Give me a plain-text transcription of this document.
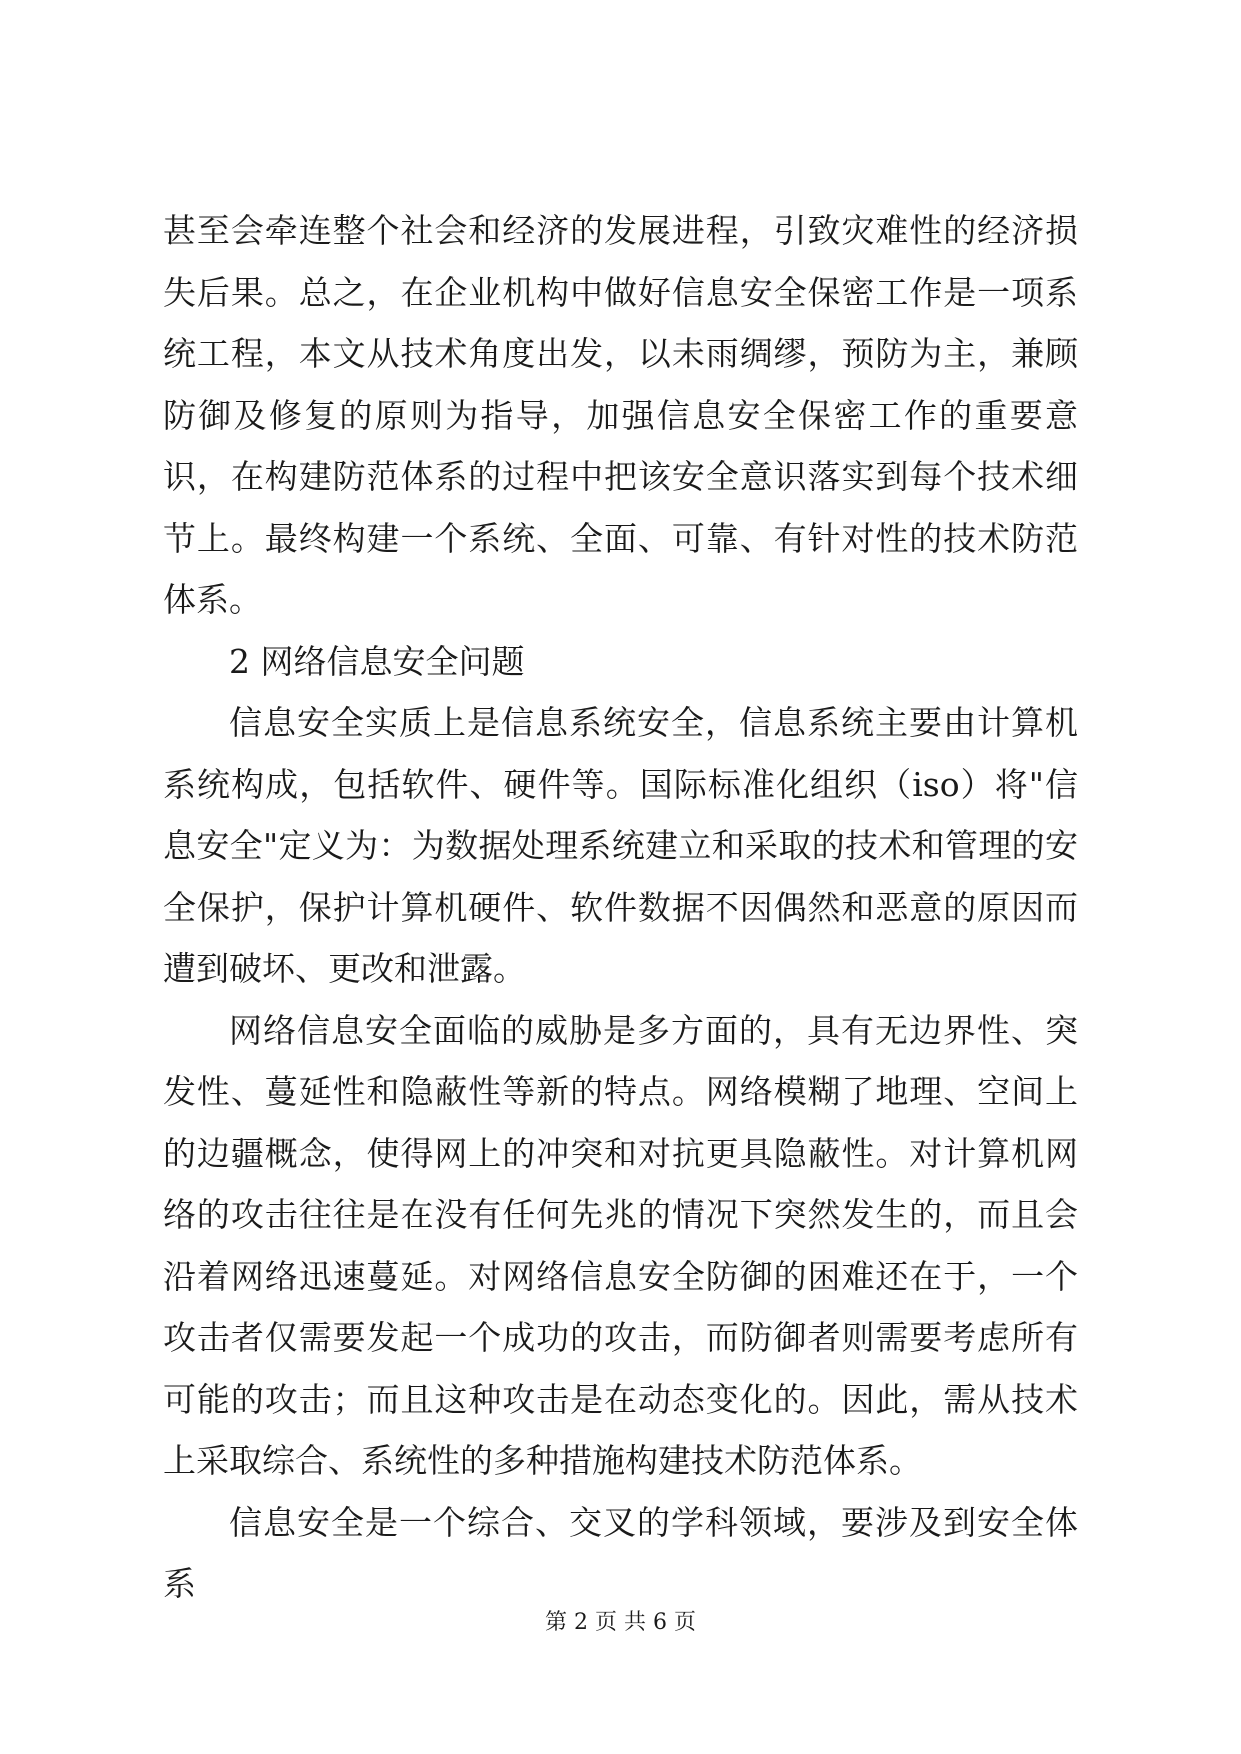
甚至会牵连整个社会和经济的发展进程，引致灾难性的经济损失后果。总之，在企业机构中做好信息安全保密工作是一项系统工程，本文从技术角度出发，以未雨绸缪，预防为主，兼顾防御及修复的原则为指导，加强信息安全保密工作的重要意识，在构建防范体系的过程中把该安全意识落实到每个技术细节上。最终构建一个系统、全面、可靠、有针对性的技术防范体系。

2 网络信息安全问题

信息安全实质上是信息系统安全，信息系统主要由计算机系统构成，包括软件、硬件等。国际标准化组织（iso）将"信息安全"定义为：为数据处理系统建立和采取的技术和管理的安全保护，保护计算机硬件、软件数据不因偶然和恶意的原因而遭到破坏、更改和泄露。

网络信息安全面临的威胁是多方面的，具有无边界性、突发性、蔓延性和隐蔽性等新的特点。网络模糊了地理、空间上的边疆概念，使得网上的冲突和对抗更具隐蔽性。对计算机网络的攻击往往是在没有任何先兆的情况下突然发生的，而且会沿着网络迅速蔓延。对网络信息安全防御的困难还在于，一个攻击者仅需要发起一个成功的攻击，而防御者则需要考虑所有可能的攻击；而且这种攻击是在动态变化的。因此，需从技术上采取综合、系统性的多种措施构建技术防范体系。

信息安全是一个综合、交叉的学科领域，要涉及到安全体系

第 2 页 共 6 页
